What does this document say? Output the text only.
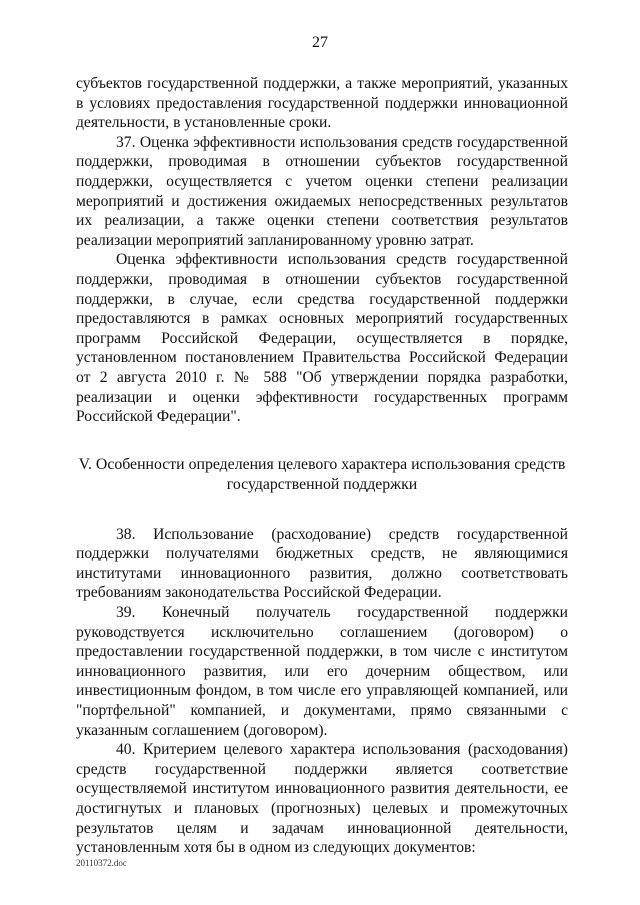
27

субъектов государственной поддержки, а также мероприятий, указанных в условиях предоставления государственной поддержки инновационной деятельности, в установленные сроки.

37. Оценка эффективности использования средств государственной поддержки, проводимая в отношении субъектов государственной поддержки, осуществляется с учетом оценки степени реализации мероприятий и достижения ожидаемых непосредственных результатов их реализации, а также оценки степени соответствия результатов реализации мероприятий запланированному уровню затрат.

Оценка эффективности использования средств государственной поддержки, проводимая в отношении субъектов государственной поддержки, в случае, если средства государственной поддержки предоставляются в рамках основных мероприятий государственных программ Российской Федерации, осуществляется в порядке, установленном постановлением Правительства Российской Федерации от 2 августа 2010 г. № 588 "Об утверждении порядка разработки, реализации и оценки эффективности государственных программ Российской Федерации".

V. Особенности определения целевого характера использования средств
государственной поддержки

38. Использование (расходование) средств государственной поддержки получателями бюджетных средств, не являющимися институтами инновационного развития, должно соответствовать требованиям законодательства Российской Федерации.

39. Конечный получатель государственной поддержки руководствуется исключительно соглашением (договором) о предоставлении государственной поддержки, в том числе с институтом инновационного развития, или его дочерним обществом, или инвестиционным фондом, в том числе его управляющей компанией, или "портфельной" компанией, и документами, прямо связанными с указанным соглашением (договором).

40. Критерием целевого характера использования (расходования) средств государственной поддержки является соответствие осуществляемой институтом инновационного развития деятельности, ее достигнутых и плановых (прогнозных) целевых и промежуточных результатов целям и задачам инновационной деятельности, установленным хотя бы в одном из следующих документов:

20110372.doc
